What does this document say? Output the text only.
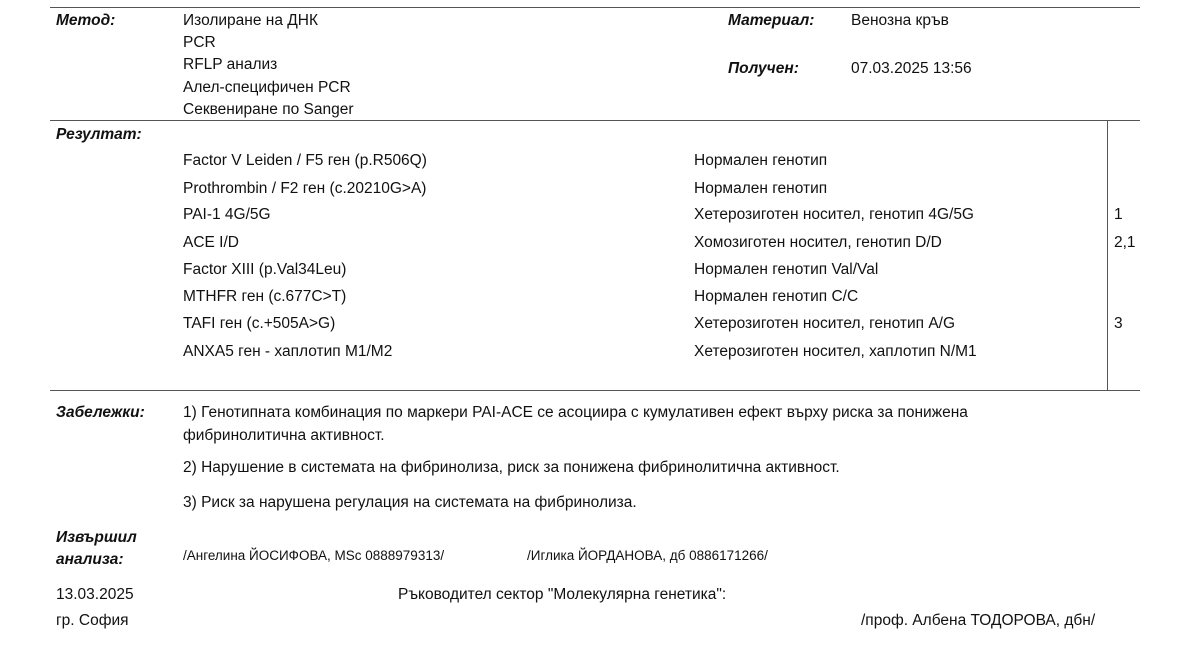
Метод:	Изолиране на ДНК
PCR
RFLP анализ
Алел-специфичен PCR
Секвениране по Sanger
Материал: Венозна кръв
Получен:	07.03.2025 13:56
Резултат:
Factor V Leiden / F5 ген (p.R506Q)	Нормален генотип
Prothrombin / F2 ген (c.20210G>A)	Нормален генотип
PAI-1 4G/5G	Хетерозиготен носител, генотип 4G/5G	1
ACE I/D	Хомозиготен носител, генотип D/D	2,1
Factor XIII (p.Val34Leu)	Нормален генотип Val/Val
MTHFR ген (c.677C>T)	Нормален генотип C/C
TAFI ген (c.+505A>G)	Хетерозиготен носител, генотип A/G	3
ANXA5 ген - хаплотип M1/M2	Хетерозиготен носител, хаплотип N/M1
Забележки: 1) Генотипната комбинация по маркери PAI-ACE се асоциира с кумулативен ефект върху риска за понижена
фибринолитична активност.
2) Нарушение в системата на фибринолиза, риск за понижена фибринолитична активност.
3) Риск за нарушена регулация на системата на фибринолиза.
Извършил
анализа:	/Ангелина ЙОСИФОВА, MSc 0888979313/	/Иглика ЙОРДАНОВА, дб 0886171266/
13.03.2025	Ръководител сектор "Молекулярна генетика":
гр. София	/проф. Албена ТОДОРОВА, дбн/
